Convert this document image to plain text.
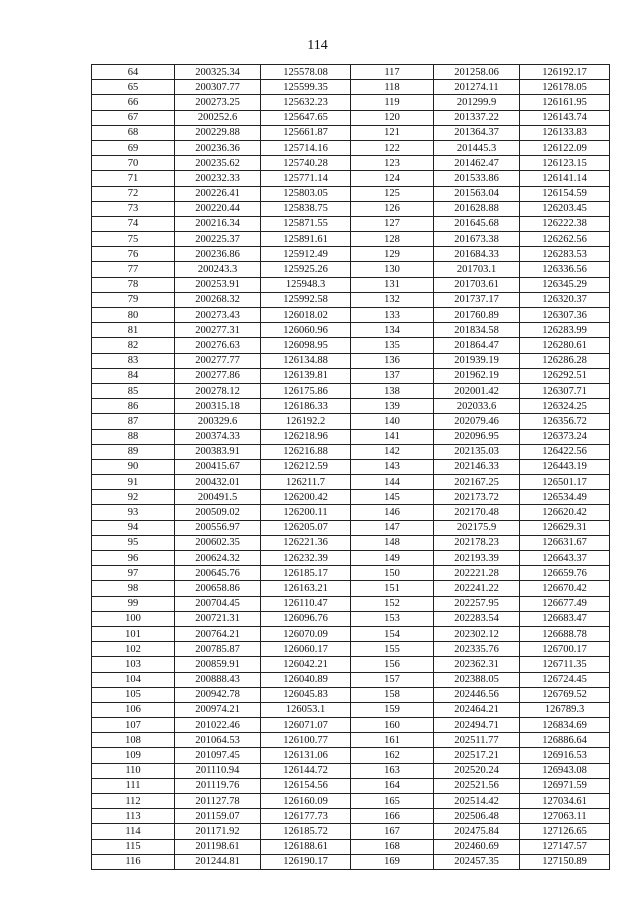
114
64	200325.34	125578.08	117	201258.06	126192.17
65	200307.77	125599.35	118	201274.11	126178.05
66	200273.25	125632.23	119	201299.9	126161.95
67	200252.6	125647.65	120	201337.22	126143.74
68	200229.88	125661.87	121	201364.37	126133.83
69	200236.36	125714.16	122	201445.3	126122.09
70	200235.62	125740.28	123	201462.47	126123.15
71	200232.33	125771.14	124	201533.86	126141.14
72	200226.41	125803.05	125	201563.04	126154.59
73	200220.44	125838.75	126	201628.88	126203.45
74	200216.34	125871.55	127	201645.68	126222.38
75	200225.37	125891.61	128	201673.38	126262.56
76	200236.86	125912.49	129	201684.33	126283.53
77	200243.3	125925.26	130	201703.1	126336.56
78	200253.91	125948.3	131	201703.61	126345.29
79	200268.32	125992.58	132	201737.17	126320.37
80	200273.43	126018.02	133	201760.89	126307.36
81	200277.31	126060.96	134	201834.58	126283.99
82	200276.63	126098.95	135	201864.47	126280.61
83	200277.77	126134.88	136	201939.19	126286.28
84	200277.86	126139.81	137	201962.19	126292.51
85	200278.12	126175.86	138	202001.42	126307.71
86	200315.18	126186.33	139	202033.6	126324.25
87	200329.6	126192.2	140	202079.46	126356.72
88	200374.33	126218.96	141	202096.95	126373.24
89	200383.91	126216.88	142	202135.03	126422.56
90	200415.67	126212.59	143	202146.33	126443.19
91	200432.01	126211.7	144	202167.25	126501.17
92	200491.5	126200.42	145	202173.72	126534.49
93	200509.02	126200.11	146	202170.48	126620.42
94	200556.97	126205.07	147	202175.9	126629.31
95	200602.35	126221.36	148	202178.23	126631.67
96	200624.32	126232.39	149	202193.39	126643.37
97	200645.76	126185.17	150	202221.28	126659.76
98	200658.86	126163.21	151	202241.22	126670.42
99	200704.45	126110.47	152	202257.95	126677.49
100	200721.31	126096.76	153	202283.54	126683.47
101	200764.21	126070.09	154	202302.12	126688.78
102	200785.87	126060.17	155	202335.76	126700.17
103	200859.91	126042.21	156	202362.31	126711.35
104	200888.43	126040.89	157	202388.05	126724.45
105	200942.78	126045.83	158	202446.56	126769.52
106	200974.21	126053.1	159	202464.21	126789.3
107	201022.46	126071.07	160	202494.71	126834.69
108	201064.53	126100.77	161	202511.77	126886.64
109	201097.45	126131.06	162	202517.21	126916.53
110	201110.94	126144.72	163	202520.24	126943.08
111	201119.76	126154.56	164	202521.56	126971.59
112	201127.78	126160.09	165	202514.42	127034.61
113	201159.07	126177.73	166	202506.48	127063.11
114	201171.92	126185.72	167	202475.84	127126.65
115	201198.61	126188.61	168	202460.69	127147.57
116	201244.81	126190.17	169	202457.35	127150.89
